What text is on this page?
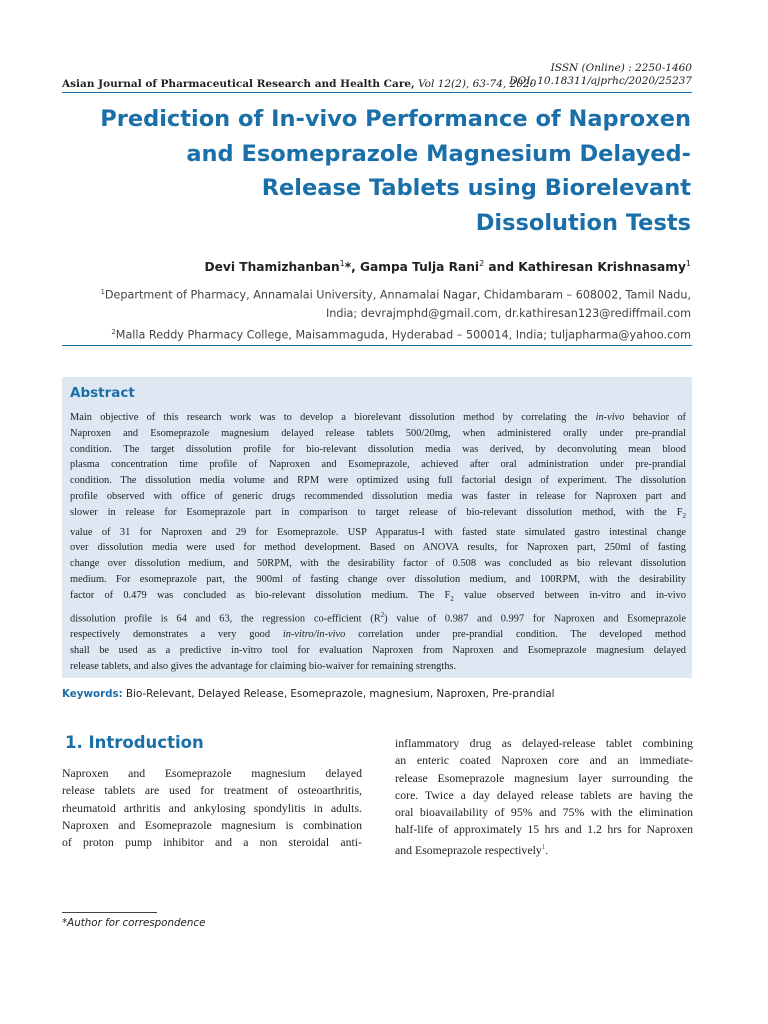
ISSN (Online) : 2250-1460
DOI: 10.18311/ajprhc/2020/25237
Asian Journal of Pharmaceutical Research and Health Care, Vol 12(2), 63-74, 2020
Prediction of In-vivo Performance of Naproxen
and Esomeprazole Magnesium Delayed-
Release Tablets using Biorelevant
Dissolution Tests
Devi Thamizhanban$^1$*, Gampa Tulja Rani$^2$ and Kathiresan Krishnasamy$^1$
$^1$Department of Pharmacy, Annamalai University, Annamalai Nagar, Chidambaram – 608002, Tamil Nadu,
India; devrajmphd@gmail.com, dr.kathiresan123@rediffmail.com
$^2$Malla Reddy Pharmacy College, Maisammaguda, Hyderabad – 500014, India; tuljapharma@yahoo.com
Abstract
Main objective of this research work was to develop a biorelevant dissolution method by correlating the in-vivo behavior of
Naproxen and Esomeprazole magnesium delayed release tablets 500/20mg, when administered orally under pre-prandial
condition. The target dissolution profile for bio-relevant dissolution media was derived, by deconvoluting mean blood
plasma concentration time profile of Naproxen and Esomeprazole, achieved after oral administration under pre-prandial
condition. The dissolution media volume and RPM were optimized using full factorial design of experiment. The dissolution
profile observed with office of generic drugs recommended dissolution media was faster in release for Naproxen part and
slower in release for Esomeprazole part in comparison to target release of bio-relevant dissolution method, with the $F_2$
value of 31 for Naproxen and 29 for Esomeprazole. USP Apparatus-I with fasted state simulated gastro intestinal change
over dissolution media were used for method development. Based on ANOVA results, for Naproxen part, 250ml of fasting
change over dissolution medium, and 50RPM, with the desirability factor of 0.508 was concluded as bio relevant dissolution
medium. For esomeprazole part, the 900ml of fasting change over dissolution medium, and 100RPM, with the desirability
factor of 0.479 was concluded as bio-relevant dissolution medium. The $F_2$ value observed between in-vitro and in-vivo
dissolution profile is 64 and 63, the regression co-efficient $(R^2)$ value of 0.987 and 0.997 for Naproxen and Esomeprazole
respectively demonstrates a very good in-vitro/in-vivo correlation under pre-prandial condition. The developed method
shall be used as a predictive in-vitro tool for evaluation Naproxen from Naproxen and Esomeprazole magnesium delayed
release tablets, and also gives the advantage for claiming bio-waiver for remaining strengths.
Keywords: Bio-Relevant, Delayed Release, Esomeprazole, magnesium, Naproxen, Pre-prandial
1. Introduction
Naproxen and Esomeprazole magnesium delayed
release tablets are used for treatment of osteoarthritis,
rheumatoid arthritis and ankylosing spondylitis in adults.
Naproxen and Esomeprazole magnesium is combination
of proton pump inhibitor and a non steroidal anti-
inflammatory drug as delayed-release tablet combining
an enteric coated Naproxen core and an immediate-
release Esomeprazole magnesium layer surrounding the
core. Twice a day delayed release tablets are having the
oral bioavailability of 95% and 75% with the elimination
half-life of approximately 15 hrs and 1.2 hrs for Naproxen
and Esomeprazole respectively$^1$.
*Author for correspondence
